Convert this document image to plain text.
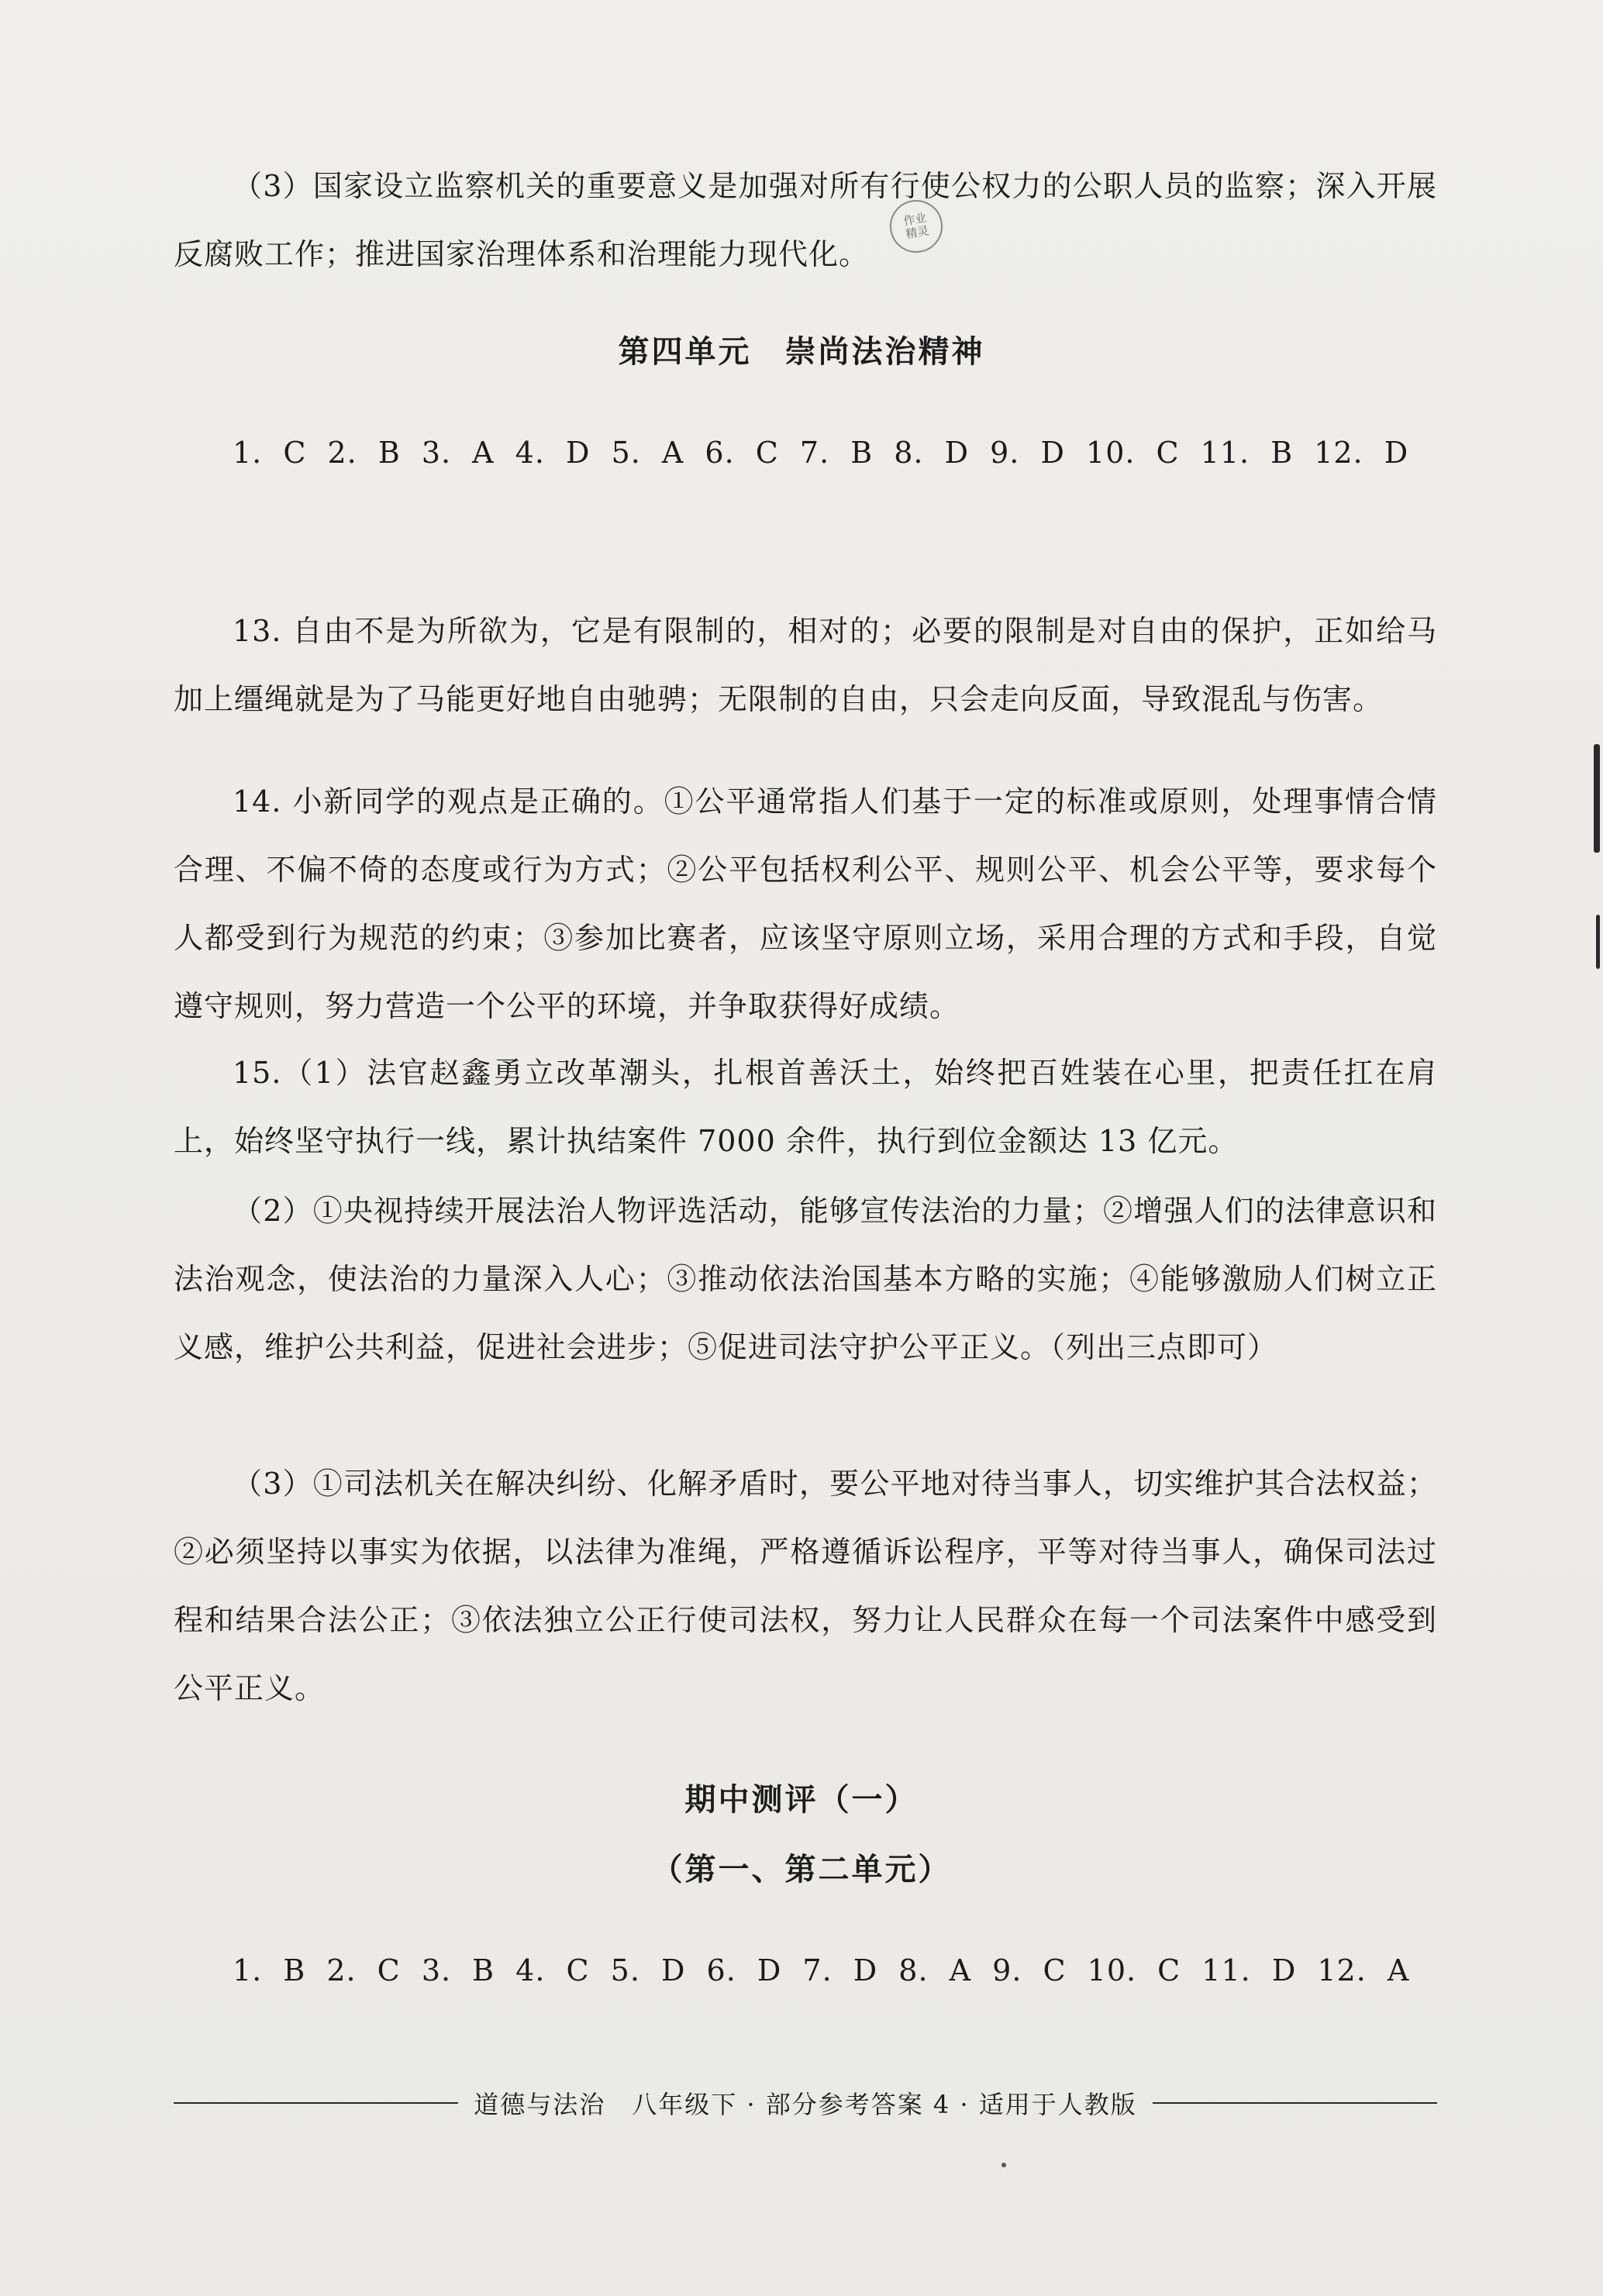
（3）国家设立监察机关的重要意义是加强对所有行使公权力的公职人员的监察；深入开展反腐败工作；推进国家治理体系和治理能力现代化。

作业
精灵
第四单元　崇尚法治精神

1. C 2. B 3. A 4. D 5. A 6. C 7. B 8. D 9. D 10. C 11. B 12. D

13. 自由不是为所欲为，它是有限制的，相对的；必要的限制是对自由的保护，正如给马加上缰绳就是为了马能更好地自由驰骋；无限制的自由，只会走向反面，导致混乱与伤害。

14. 小新同学的观点是正确的。①公平通常指人们基于一定的标准或原则，处理事情合情合理、不偏不倚的态度或行为方式；②公平包括权利公平、规则公平、机会公平等，要求每个人都受到行为规范的约束；③参加比赛者，应该坚守原则立场，采用合理的方式和手段，自觉遵守规则，努力营造一个公平的环境，并争取获得好成绩。

15.（1）法官赵鑫勇立改革潮头，扎根首善沃土，始终把百姓装在心里，把责任扛在肩上，始终坚守执行一线，累计执结案件 7000 余件，执行到位金额达 13 亿元。

（2）①央视持续开展法治人物评选活动，能够宣传法治的力量；②增强人们的法律意识和法治观念，使法治的力量深入人心；③推动依法治国基本方略的实施；④能够激励人们树立正义感，维护公共利益，促进社会进步；⑤促进司法守护公平正义。（列出三点即可）

（3）①司法机关在解决纠纷、化解矛盾时，要公平地对待当事人，切实维护其合法权益；②必须坚持以事实为依据，以法律为准绳，严格遵循诉讼程序，平等对待当事人，确保司法过程和结果合法公正；③依法独立公正行使司法权，努力让人民群众在每一个司法案件中感受到公平正义。

期中测评（一）
（第一、第二单元）

1. B 2. C 3. B 4. C 5. D 6. D 7. D 8. A 9. C 10. C 11. D 12. A

道德与法治　八年级下 · 部分参考答案 4 · 适用于人教版
